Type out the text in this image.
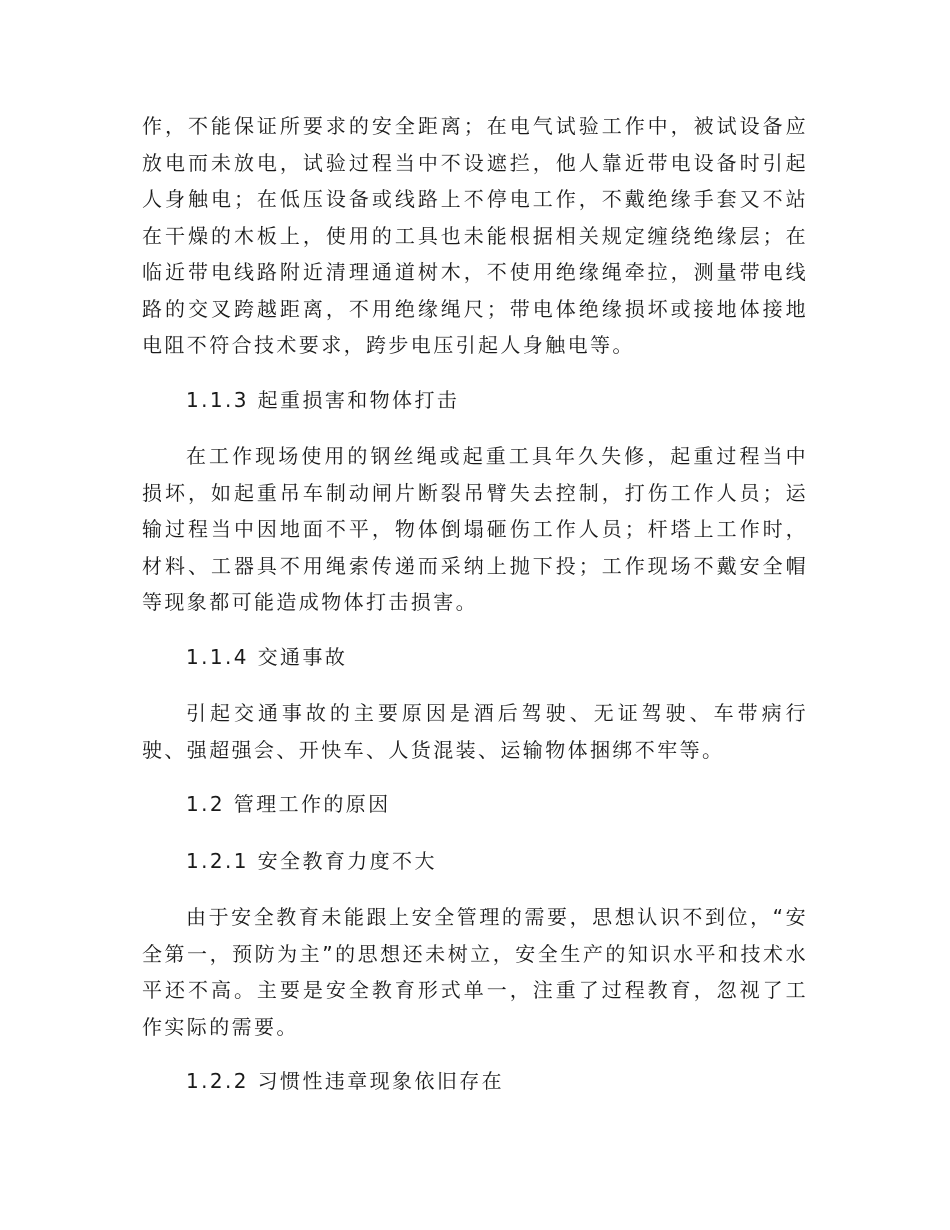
作，不能保证所要求的安全距离；在电气试验工作中，被试设备应放电而未放电，试验过程当中不设遮拦，他人靠近带电设备时引起人身触电；在低压设备或线路上不停电工作，不戴绝缘手套又不站在干燥的木板上，使用的工具也未能根据相关规定缠绕绝缘层；在临近带电线路附近清理通道树木，不使用绝缘绳牵拉，测量带电线路的交叉跨越距离，不用绝缘绳尺；带电体绝缘损坏或接地体接地电阻不符合技术要求，跨步电压引起人身触电等。

1.1.3 起重损害和物体打击

在工作现场使用的钢丝绳或起重工具年久失修，起重过程当中损坏，如起重吊车制动闸片断裂吊臂失去控制，打伤工作人员；运输过程当中因地面不平，物体倒塌砸伤工作人员；杆塔上工作时，材料、工器具不用绳索传递而采纳上抛下投；工作现场不戴安全帽等现象都可能造成物体打击损害。

1.1.4 交通事故

引起交通事故的主要原因是酒后驾驶、无证驾驶、车带病行驶、强超强会、开快车、人货混装、运输物体捆绑不牢等。

1.2 管理工作的原因

1.2.1 安全教育力度不大

由于安全教育未能跟上安全管理的需要，思想认识不到位，“安全第一，预防为主”的思想还未树立，安全生产的知识水平和技术水平还不高。主要是安全教育形式单一，注重了过程教育，忽视了工作实际的需要。

1.2.2 习惯性违章现象依旧存在
